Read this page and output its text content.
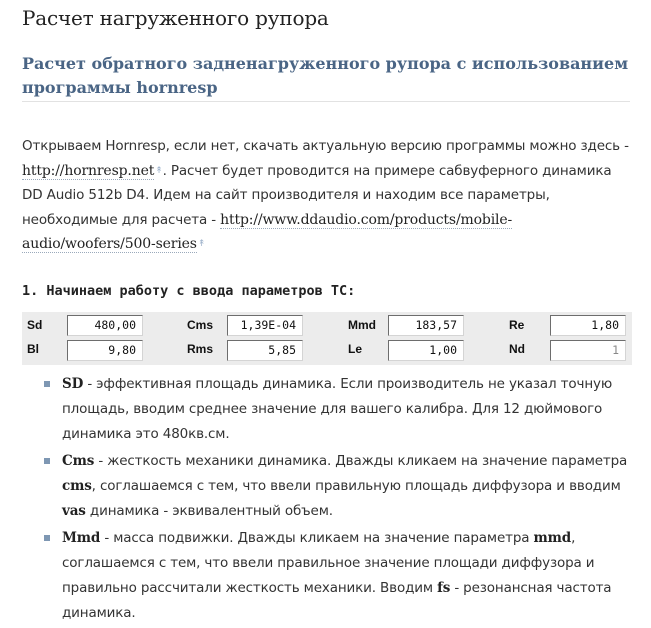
Расчет нагруженного рупора
Расчет обратного задненагруженного рупора с использованием программы hornresp
Открываем Hornresp, если нет, скачать актуальную версию программы можно здесь - http://hornresp.net↟. Расчет будет проводится на примере сабвуферного динамика DD Audio 512b D4. Идем на сайт производителя и находим все параметры, необходимые для расчета - http://www.ddaudio.com/products/mobile-audio/woofers/500-series↟
1. Начинаем работу с ввода параметров ТС:
Sd	480,00	Cms	1,39E-04	Mmd	183,57	Re	1,80
Bl	9,80	Rms	5,85	Le	1,00	Nd	1
SD - эффективная площадь динамика. Если производитель не указал точную площадь, вводим среднее значение для вашего калибра. Для 12 дюймового динамика это 480кв.см.
Cms - жесткость механики динамика. Дважды кликаем на значение параметра cms, соглашаемся с тем, что ввели правильную площадь диффузора и вводим vas динамика - эквивалентный объем.
Mmd - масса подвижки. Дважды кликаем на значение параметра mmd, соглашаемся с тем, что ввели правильное значение площади диффузора и правильно рассчитали жесткость механики. Вводим fs - резонансная частота динамика.
